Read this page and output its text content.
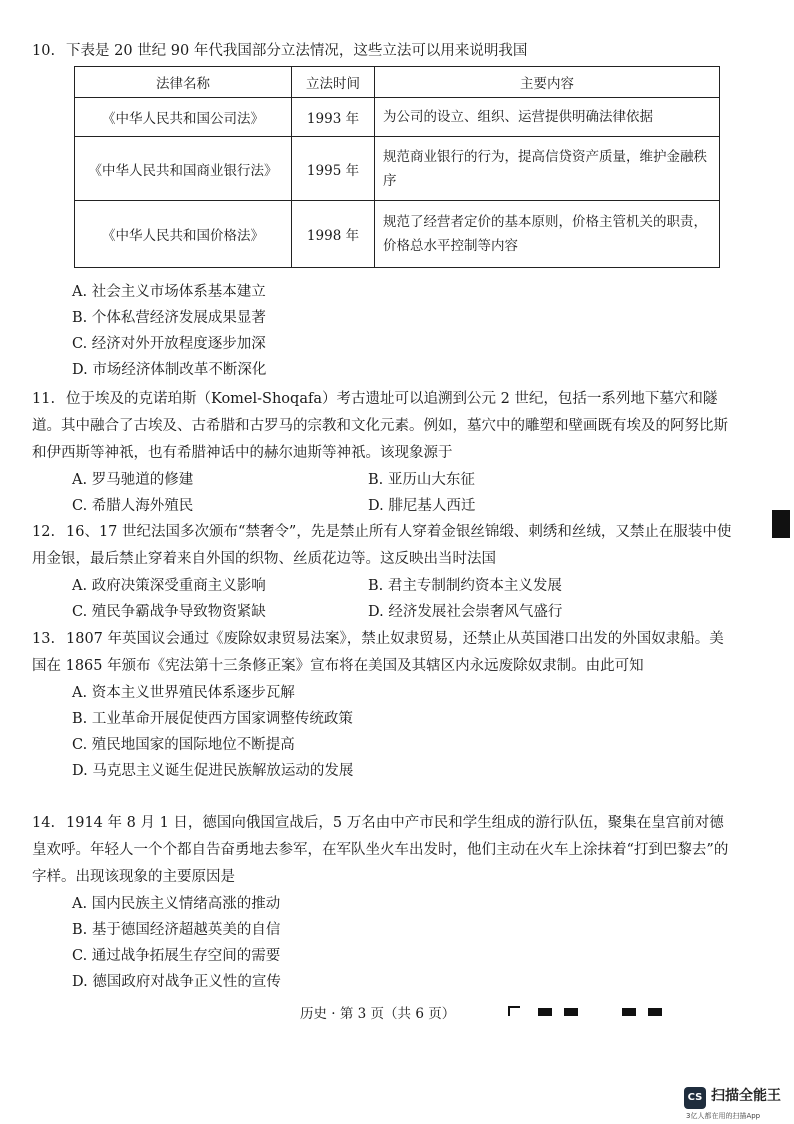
10. 下表是 20 世纪 90 年代我国部分立法情况，这些立法可以用来说明我国

法律名称	立法时间	主要内容
《中华人民共和国公司法》	1993 年	为公司的设立、组织、运营提供明确法律依据
《中华人民共和国商业银行法》	1995 年	规范商业银行的行为，提高信贷资产质量，维护金融秩序
《中华人民共和国价格法》	1998 年	规范了经营者定价的基本原则，价格主管机关的职责，价格总水平控制等内容
A. 社会主义市场体系基本建立
B. 个体私营经济发展成果显著
C. 经济对外开放程度逐步加深
D. 市场经济体制改革不断深化

11. 位于埃及的克诺珀斯（Komel-Shoqafa）考古遗址可以追溯到公元 2 世纪，包括一系列地下墓穴和隧道。其中融合了古埃及、古希腊和古罗马的宗教和文化元素。例如，墓穴中的雕塑和壁画既有埃及的阿努比斯和伊西斯等神祇，也有希腊神话中的赫尔迪斯等神祇。该现象源于

A. 罗马驰道的修建	B. 亚历山大东征
C. 希腊人海外殖民	D. 腓尼基人西迁

12. 16、17 世纪法国多次颁布“禁奢令”，先是禁止所有人穿着金银丝锦缎、刺绣和丝绒，又禁止在服装中使用金银，最后禁止穿着来自外国的织物、丝质花边等。这反映出当时法国

A. 政府决策深受重商主义影响	B. 君主专制制约资本主义发展
C. 殖民争霸战争导致物资紧缺	D. 经济发展社会崇奢风气盛行

13. 1807 年英国议会通过《废除奴隶贸易法案》，禁止奴隶贸易，还禁止从英国港口出发的外国奴隶船。美国在 1865 年颁布《宪法第十三条修正案》宣布将在美国及其辖区内永远废除奴隶制。由此可知

A. 资本主义世界殖民体系逐步瓦解
B. 工业革命开展促使西方国家调整传统政策
C. 殖民地国家的国际地位不断提高
D. 马克思主义诞生促进民族解放运动的发展

14. 1914 年 8 月 1 日，德国向俄国宣战后，5 万名由中产市民和学生组成的游行队伍，聚集在皇宫前对德皇欢呼。年轻人一个个都自告奋勇地去参军，在军队坐火车出发时，他们主动在火车上涂抹着“打到巴黎去”的字样。出现该现象的主要原因是

A. 国内民族主义情绪高涨的推动
B. 基于德国经济超越英美的自信
C. 通过战争拓展生存空间的需要
D. 德国政府对战争正义性的宣传
历史 · 第 3 页（共 6 页）
CS 扫描全能王
3亿人都在用的扫描App
